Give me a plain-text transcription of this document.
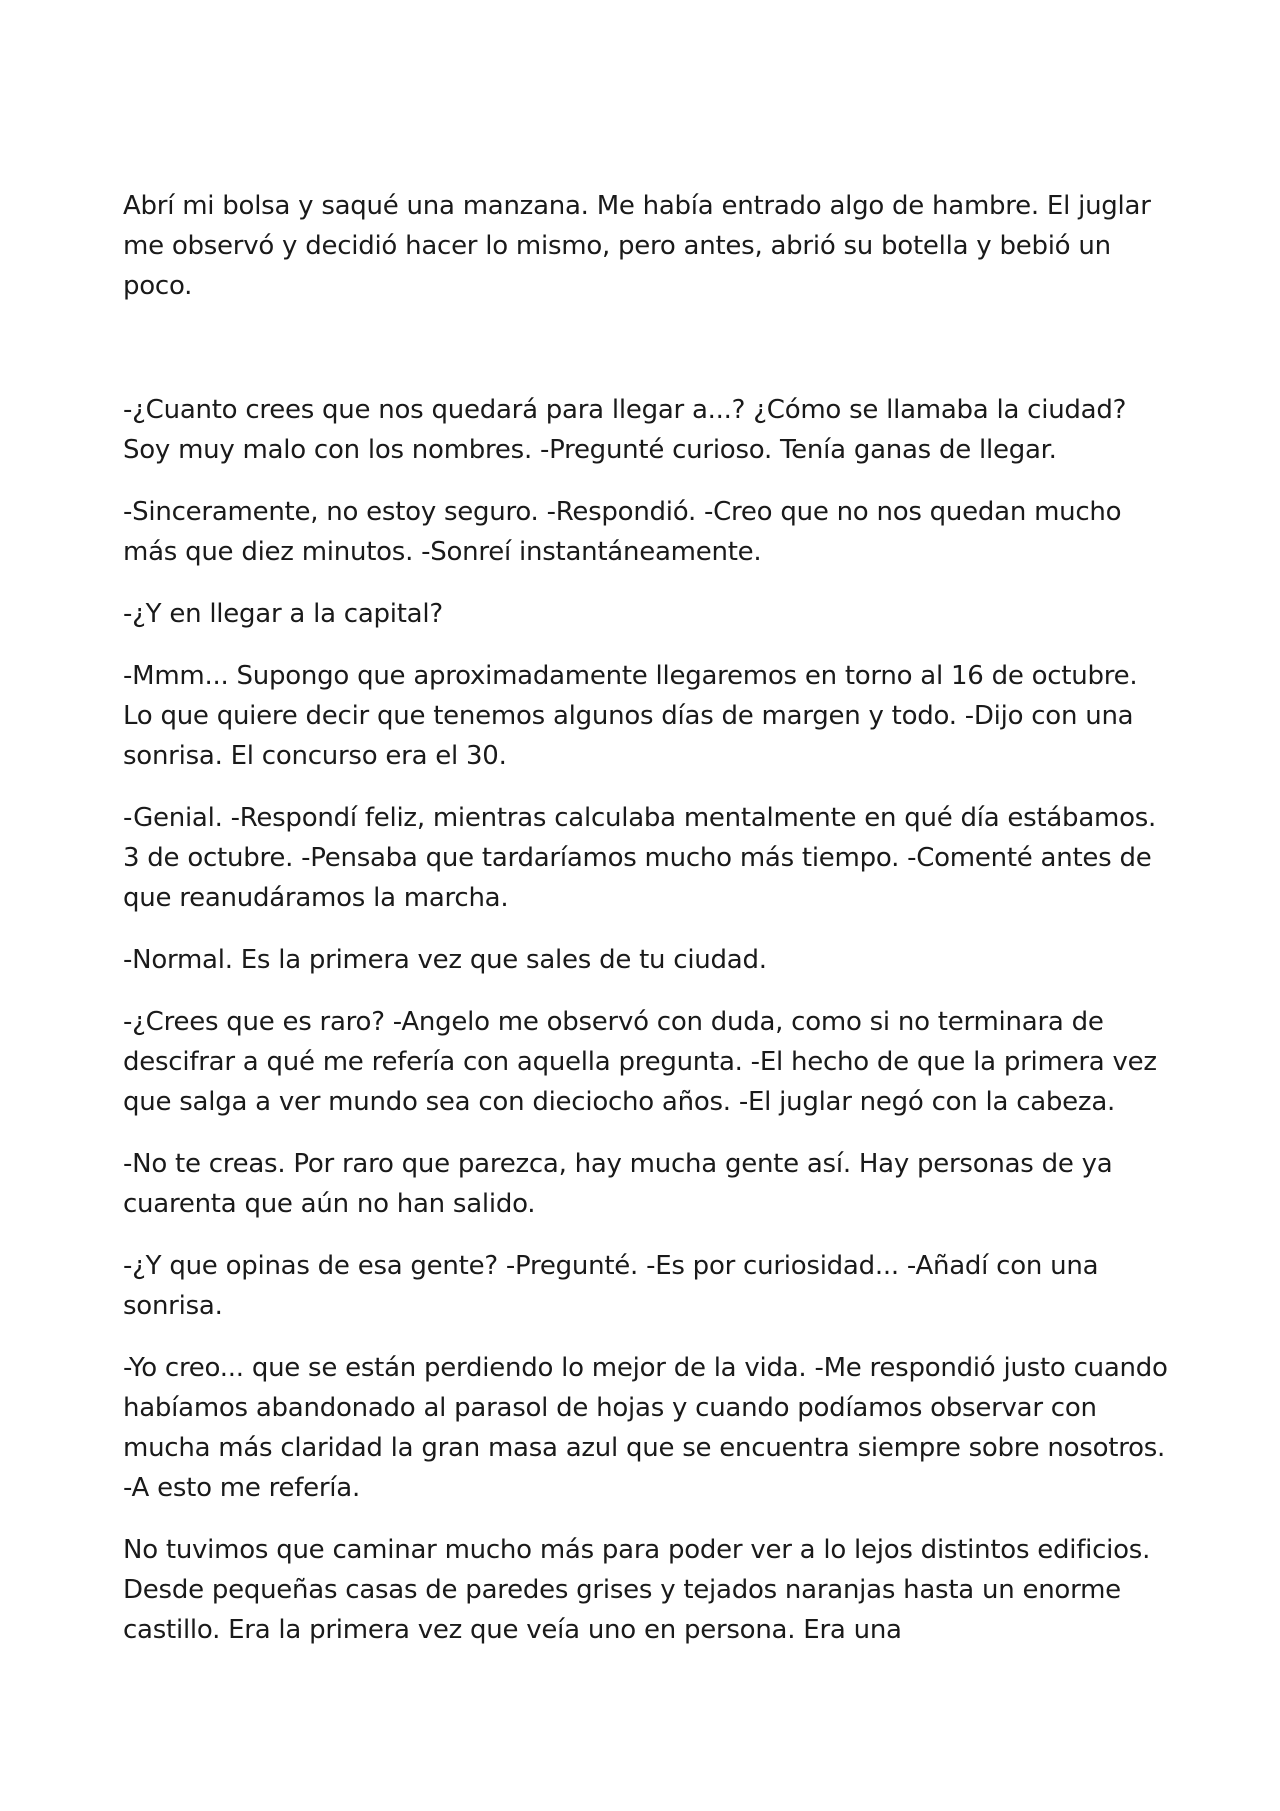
Abrí mi bolsa y saqué una manzana. Me había entrado algo de hambre. El juglar me observó y decidió hacer lo mismo, pero antes, abrió su botella y bebió un poco.

-¿Cuanto crees que nos quedará para llegar a...? ¿Cómo se llamaba la ciudad? Soy muy malo con los nombres. -Pregunté curioso. Tenía ganas de llegar.

-Sinceramente, no estoy seguro. -Respondió. -Creo que no nos quedan mucho más que diez minutos. -Sonreí instantáneamente.

-¿Y en llegar a la capital?

-Mmm... Supongo que aproximadamente llegaremos en torno al 16 de octubre. Lo que quiere decir que tenemos algunos días de margen y todo. -Dijo con una sonrisa. El concurso era el 30.

-Genial. -Respondí feliz, mientras calculaba mentalmente en qué día estábamos. 3 de octubre. -Pensaba que tardaríamos mucho más tiempo. -Comenté antes de que reanudáramos la marcha.

-Normal. Es la primera vez que sales de tu ciudad.

-¿Crees que es raro? -Angelo me observó con duda, como si no terminara de descifrar a qué me refería con aquella pregunta. -El hecho de que la primera vez que salga a ver mundo sea con dieciocho años. -El juglar negó con la cabeza.

-No te creas. Por raro que parezca, hay mucha gente así. Hay personas de ya cuarenta que aún no han salido.

-¿Y que opinas de esa gente? -Pregunté. -Es por curiosidad... -Añadí con una sonrisa.

-Yo creo... que se están perdiendo lo mejor de la vida. -Me respondió justo cuando habíamos abandonado al parasol de hojas y cuando podíamos observar con mucha más claridad la gran masa azul que se encuentra siempre sobre nosotros. -A esto me refería.

No tuvimos que caminar mucho más para poder ver a lo lejos distintos edificios. Desde pequeñas casas de paredes grises y tejados naranjas hasta un enorme castillo. Era la primera vez que veía uno en persona. Era una
